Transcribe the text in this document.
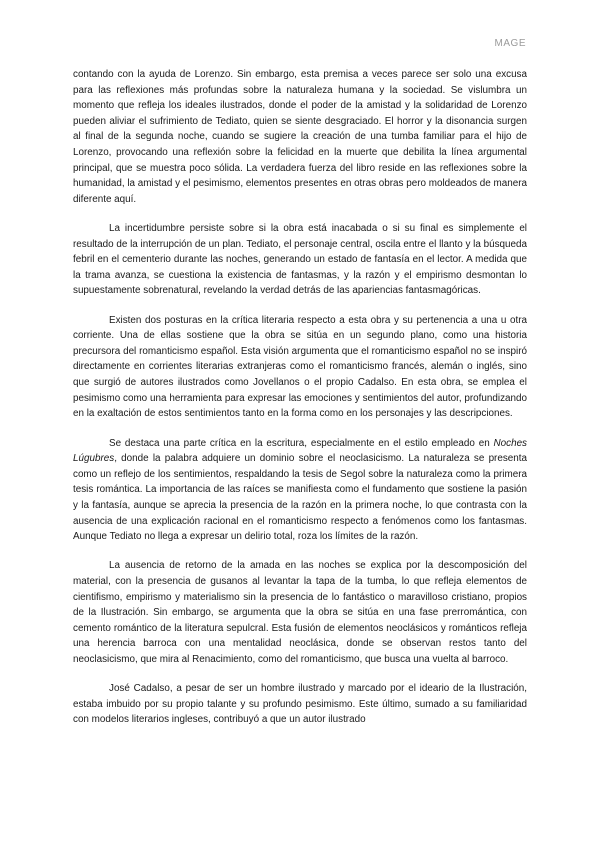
MAGE

contando con la ayuda de Lorenzo. Sin embargo, esta premisa a veces parece ser solo una excusa para las reflexiones más profundas sobre la naturaleza humana y la sociedad. Se vislumbra un momento que refleja los ideales ilustrados, donde el poder de la amistad y la solidaridad de Lorenzo pueden aliviar el sufrimiento de Tediato, quien se siente desgraciado. El horror y la disonancia surgen al final de la segunda noche, cuando se sugiere la creación de una tumba familiar para el hijo de Lorenzo, provocando una reflexión sobre la felicidad en la muerte que debilita la línea argumental principal, que se muestra poco sólida. La verdadera fuerza del libro reside en las reflexiones sobre la humanidad, la amistad y el pesimismo, elementos presentes en otras obras pero moldeados de manera diferente aquí.

La incertidumbre persiste sobre si la obra está inacabada o si su final es simplemente el resultado de la interrupción de un plan. Tediato, el personaje central, oscila entre el llanto y la búsqueda febril en el cementerio durante las noches, generando un estado de fantasía en el lector. A medida que la trama avanza, se cuestiona la existencia de fantasmas, y la razón y el empirismo desmontan lo supuestamente sobrenatural, revelando la verdad detrás de las apariencias fantasmagóricas.

Existen dos posturas en la crítica literaria respecto a esta obra y su pertenencia a una u otra corriente. Una de ellas sostiene que la obra se sitúa en un segundo plano, como una historia precursora del romanticismo español. Esta visión argumenta que el romanticismo español no se inspiró directamente en corrientes literarias extranjeras como el romanticismo francés, alemán o inglés, sino que surgió de autores ilustrados como Jovellanos o el propio Cadalso. En esta obra, se emplea el pesimismo como una herramienta para expresar las emociones y sentimientos del autor, profundizando en la exaltación de estos sentimientos tanto en la forma como en los personajes y las descripciones.

Se destaca una parte crítica en la escritura, especialmente en el estilo empleado en Noches Lúgubres, donde la palabra adquiere un dominio sobre el neoclasicismo. La naturaleza se presenta como un reflejo de los sentimientos, respaldando la tesis de Segol sobre la naturaleza como la primera tesis romántica. La importancia de las raíces se manifiesta como el fundamento que sostiene la pasión y la fantasía, aunque se aprecia la presencia de la razón en la primera noche, lo que contrasta con la ausencia de una explicación racional en el romanticismo respecto a fenómenos como los fantasmas. Aunque Tediato no llega a expresar un delirio total, roza los límites de la razón.

La ausencia de retorno de la amada en las noches se explica por la descomposición del material, con la presencia de gusanos al levantar la tapa de la tumba, lo que refleja elementos de cientifismo, empirismo y materialismo sin la presencia de lo fantástico o maravilloso cristiano, propios de la Ilustración. Sin embargo, se argumenta que la obra se sitúa en una fase prerromántica, con cemento romántico de la literatura sepulcral. Esta fusión de elementos neoclásicos y románticos refleja una herencia barroca con una mentalidad neoclásica, donde se observan restos tanto del neoclasicismo, que mira al Renacimiento, como del romanticismo, que busca una vuelta al barroco.

José Cadalso, a pesar de ser un hombre ilustrado y marcado por el ideario de la Ilustración, estaba imbuido por su propio talante y su profundo pesimismo. Este último, sumado a su familiaridad con modelos literarios ingleses, contribuyó a que un autor ilustrado
